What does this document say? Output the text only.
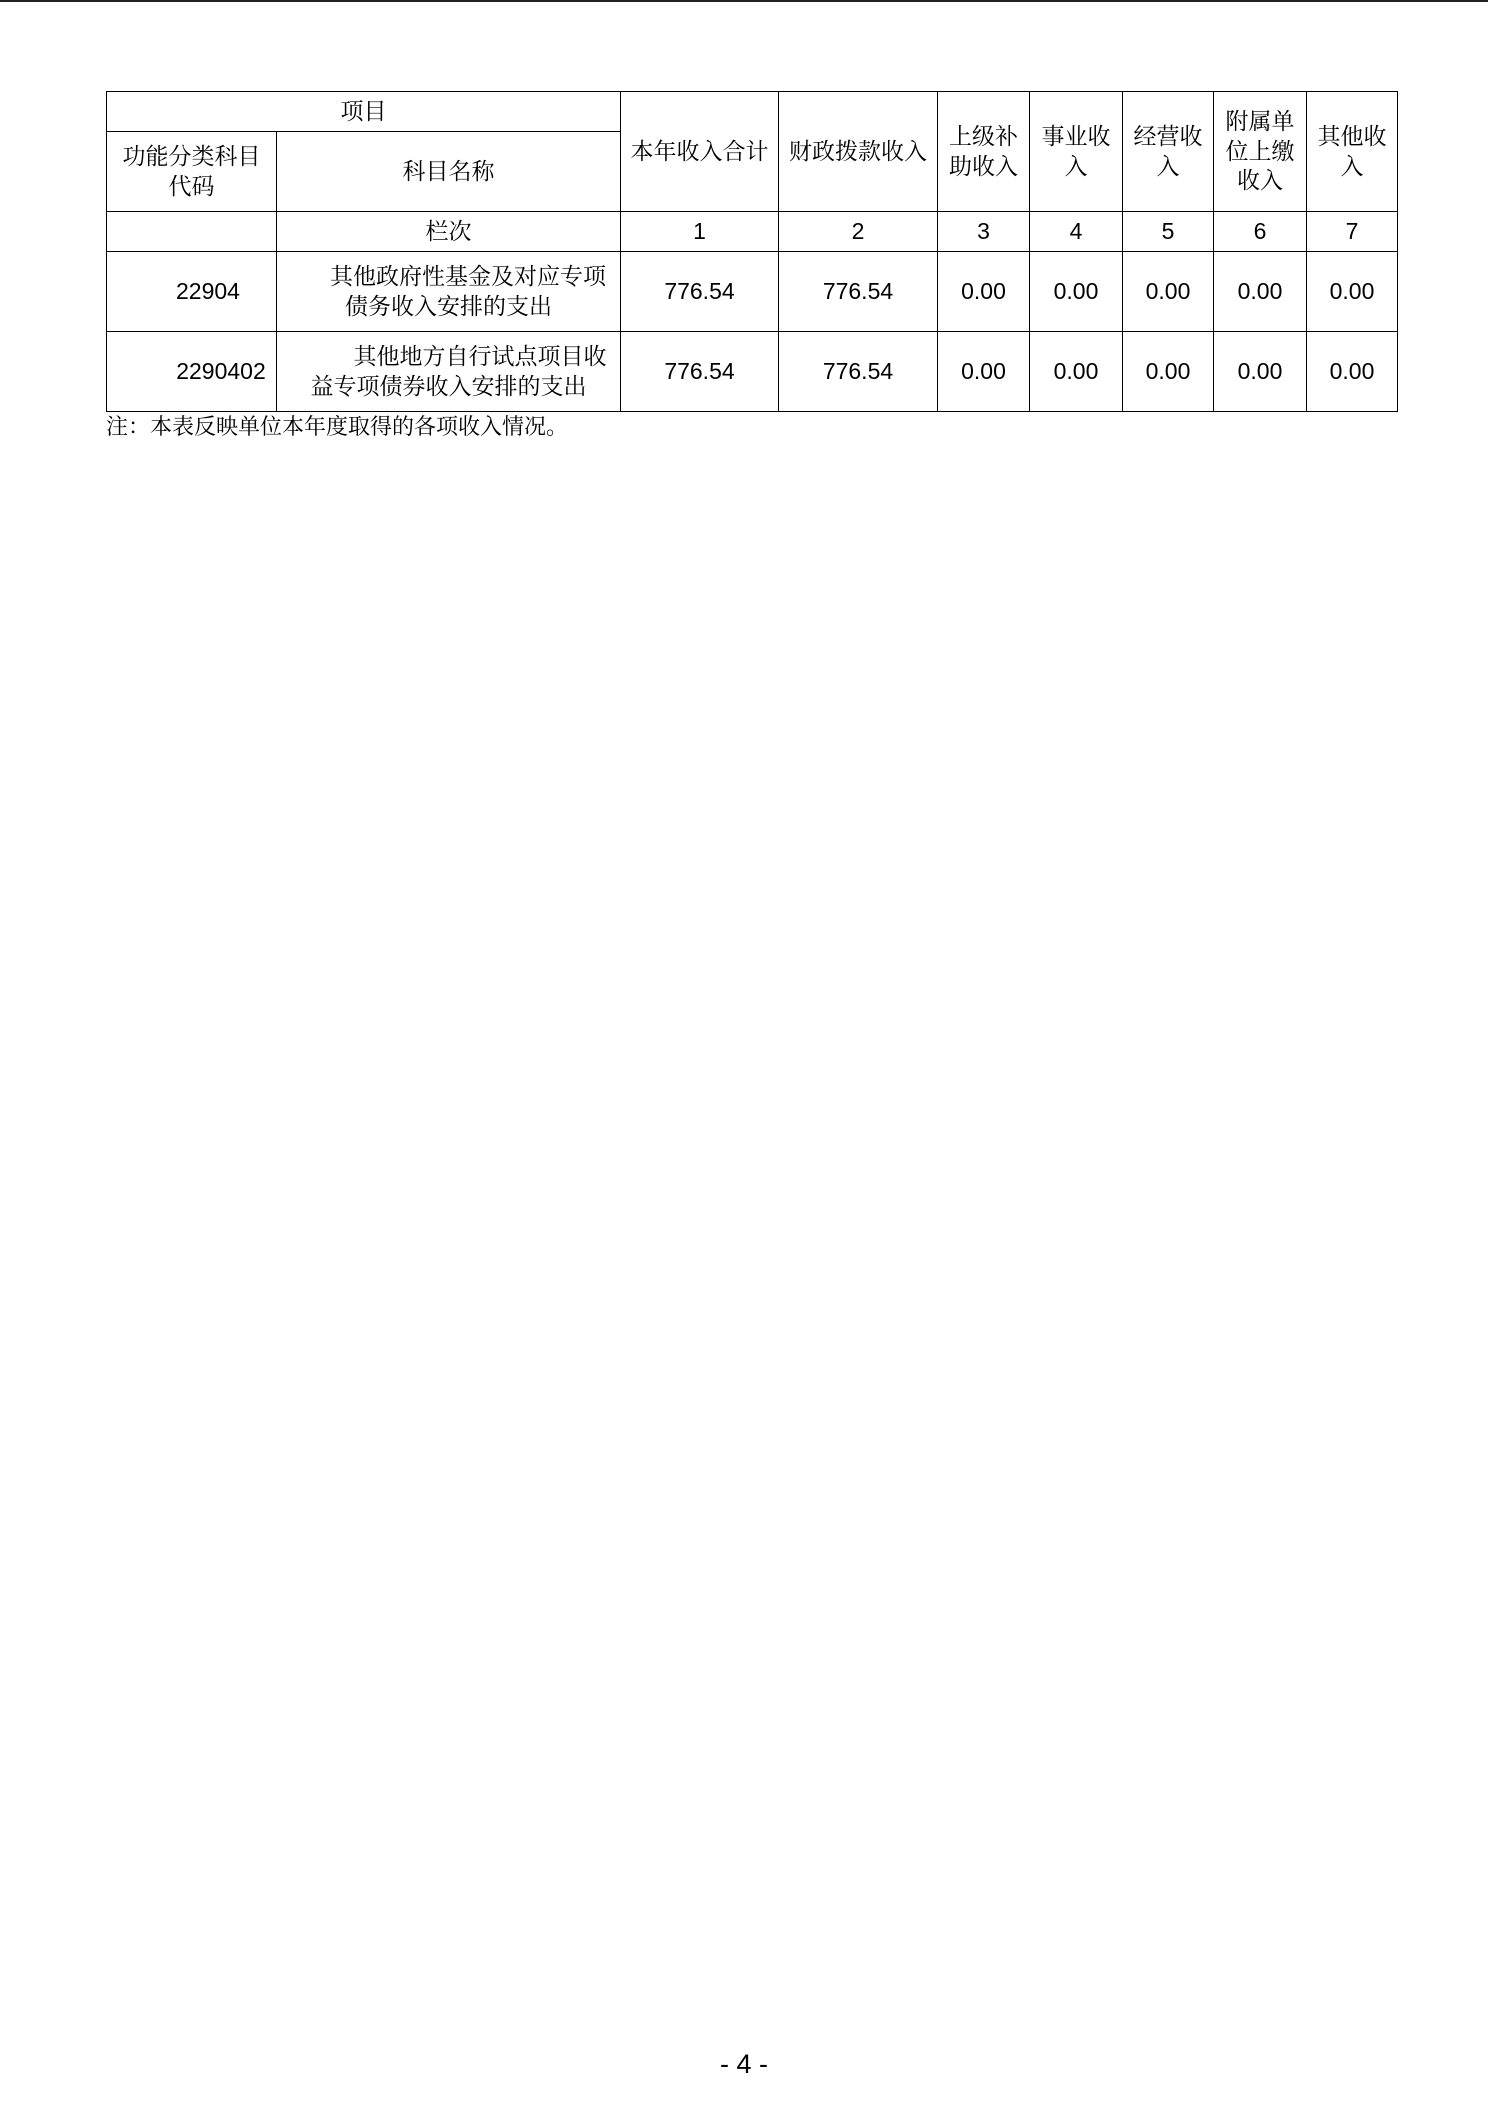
项目		本年收入合计	财政拨款收入	上级补助收入	事业收入	经营收入	附属单位上缴收入	其他收入
功能分类科目代码	科目名称							
	栏次	1	2	3	4	5	6	7
22904	其他政府性基金及对应专项债务收入安排的支出	776.54	776.54	0.00	0.00	0.00	0.00	0.00
2290402	其他地方自行试点项目收益专项债券收入安排的支出	776.54	776.54	0.00	0.00	0.00	0.00	0.00
注：本表反映单位本年度取得的各项收入情况。
- 4 -
